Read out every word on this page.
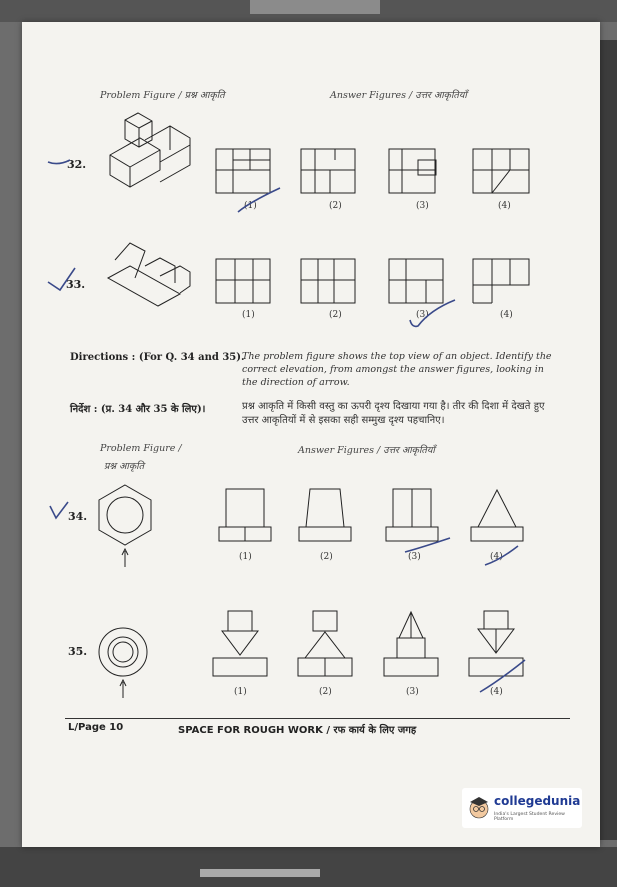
Problem Figure / प्रश्न आकृति	Answer Figures / उत्तर आकृतियाँ
32.
(1)	(2)	(3)	(4)
33.
(1)	(2)	(3)	(4)
Directions : (For Q. 34 and 35).
The problem figure shows the top view of an object. Identify the correct elevation, from amongst the answer figures, looking in the direction of arrow.
निर्देश : (प्र. 34 और 35 के लिए)।	प्रश्न आकृति में किसी वस्तु का ऊपरी दृश्य दिखाया गया है। तीर की दिशा में देखते हुए उत्तर आकृतियों में से इसका सही सम्मुख दृश्य पहचानिए।
Problem Figure /
प्रश्न आकृति
Answer Figures / उत्तर आकृतियाँ
34.
(1)	(2)	(3)	(4)
35.
(1)	(2)	(3)	(4)
L/Page 10	SPACE FOR ROUGH WORK / रफ कार्य के लिए जगह
collegedunia
India's Largest Student Review Platform
